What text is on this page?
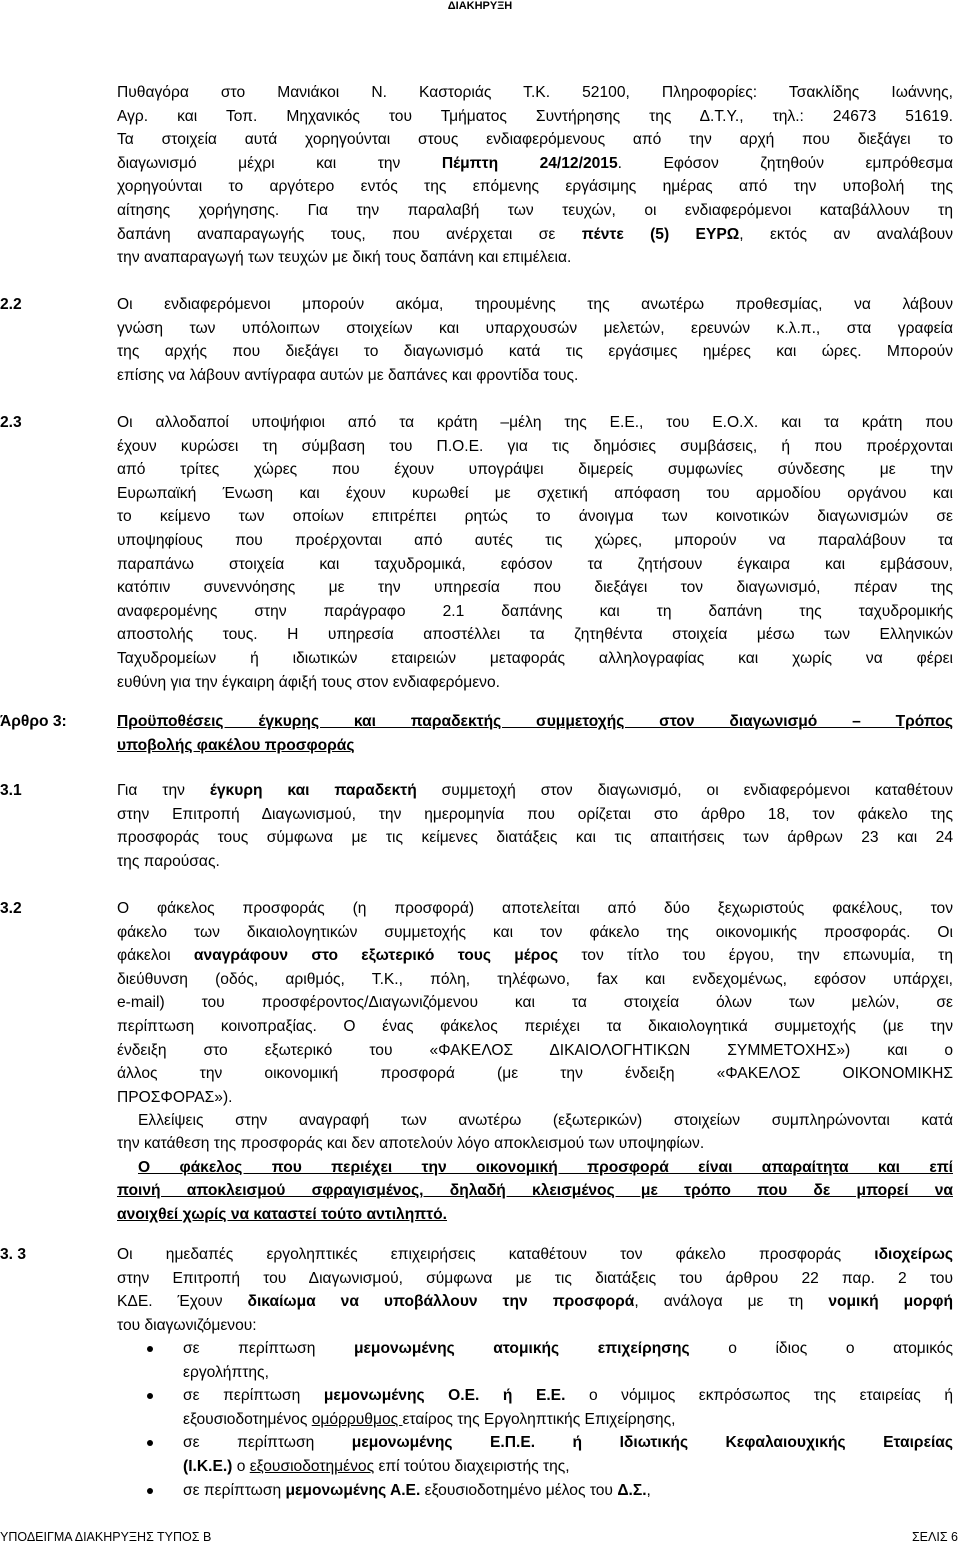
ΔΙΑΚΗΡΥΞΗ
Πυθαγόρα στο Μανιάκοι Ν. Καστοριάς Τ.Κ. 52100, Πληροφορίες: Τσακλίδης Ιωάννης,
Αγρ. και Τοπ. Μηχανικός του Τμήματος Συντήρησης της Δ.Τ.Υ., τηλ.: 24673 51619.
Τα στοιχεία αυτά χορηγούνται στους ενδιαφερόμενους από την αρχή που διεξάγει το
διαγωνισμό μέχρι και την Πέμπτη 24/12/2015. Εφόσον ζητηθούν εμπρόθεσμα
χορηγούνται το αργότερο εντός της επόμενης εργάσιμης ημέρας από την υποβολή της
αίτησης χορήγησης. Για την παραλαβή των τευχών, οι ενδιαφερόμενοι καταβάλλουν τη
δαπάνη αναπαραγωγής τους, που ανέρχεται σε πέντε (5) ΕΥΡΩ, εκτός αν αναλάβουν
την αναπαραγωγή των τευχών με δική τους δαπάνη και επιμέλεια.
2.2	Οι ενδιαφερόμενοι μπορούν ακόμα, τηρουμένης της ανωτέρω προθεσμίας, να λάβουν
γνώση των υπόλοιπων στοιχείων και υπαρχουσών μελετών, ερευνών κ.λ.π., στα γραφεία
της αρχής που διεξάγει το διαγωνισμό κατά τις εργάσιμες ημέρες και ώρες. Μπορούν
επίσης να λάβουν αντίγραφα αυτών με δαπάνες και φροντίδα τους.
2.3	Οι αλλοδαποί υποψήφιοι από τα κράτη –μέλη της Ε.Ε., του Ε.Ο.Χ. και τα κράτη που
έχουν κυρώσει τη σύμβαση του Π.Ο.Ε. για τις δημόσιες συμβάσεις, ή που προέρχονται
από τρίτες χώρες που έχουν υπογράψει διμερείς συμφωνίες σύνδεσης με την
Ευρωπαϊκή Ένωση και έχουν κυρωθεί με σχετική απόφαση του αρμοδίου οργάνου και
το κείμενο των οποίων επιτρέπει ρητώς το άνοιγμα των κοινοτικών διαγωνισμών σε
υποψηφίους που προέρχονται από αυτές τις χώρες, μπορούν να παραλάβουν τα
παραπάνω στοιχεία και ταχυδρομικά, εφόσον τα ζητήσουν έγκαιρα και εμβάσουν,
κατόπιν συνεννόησης με την υπηρεσία που διεξάγει τον διαγωνισμό, πέραν της
αναφερομένης στην παράγραφο 2.1 δαπάνης και τη δαπάνη της ταχυδρομικής
αποστολής τους. Η υπηρεσία αποστέλλει τα ζητηθέντα στοιχεία μέσω των Ελληνικών
Ταχυδρομείων ή ιδιωτικών εταιρειών μεταφοράς αλληλογραφίας και χωρίς να φέρει
ευθύνη για την έγκαιρη άφιξή τους στον ενδιαφερόμενο.
Άρθρο 3:	Προϋποθέσεις έγκυρης και παραδεκτής συμμετοχής στον διαγωνισμό – Τρόπος
υποβολής φακέλου προσφοράς
3.1	Για την έγκυρη και παραδεκτή συμμετοχή στον διαγωνισμό, οι ενδιαφερόμενοι καταθέτουν
στην Επιτροπή Διαγωνισμού, την ημερομηνία που ορίζεται στο άρθρο 18, τον φάκελο της
προσφοράς τους σύμφωνα με τις κείμενες διατάξεις και τις απαιτήσεις των άρθρων 23 και 24
της παρούσας.
3.2	Ο φάκελος προσφοράς (η προσφορά) αποτελείται από δύο ξεχωριστούς φακέλους, τον
φάκελο των δικαιολογητικών συμμετοχής και τον φάκελο της οικονομικής προσφοράς. Οι
φάκελοι αναγράφουν στο εξωτερικό τους μέρος τον τίτλο του έργου, την επωνυμία, τη
διεύθυνση (οδός, αριθμός, Τ.Κ., πόλη, τηλέφωνο, fax και ενδεχομένως, εφόσον υπάρχει,
e-mail) του προσφέροντος/Διαγωνιζόμενου και τα στοιχεία όλων των μελών, σε
περίπτωση κοινοπραξίας. Ο ένας φάκελος περιέχει τα δικαιολογητικά συμμετοχής (με την
ένδειξη στο εξωτερικό του «ΦΑΚΕΛΟΣ ΔΙΚΑΙΟΛΟΓΗΤΙΚΩΝ ΣΥΜΜΕΤΟΧΗΣ») και ο
άλλος την οικονομική προσφορά (με την ένδειξη «ΦΑΚΕΛΟΣ ΟΙΚΟΝΟΜΙΚΗΣ
ΠΡΟΣΦΟΡΑΣ»).
Ελλείψεις στην αναγραφή των ανωτέρω (εξωτερικών) στοιχείων συμπληρώνονται κατά
την κατάθεση της προσφοράς και δεν αποτελούν λόγο αποκλεισμού των υποψηφίων.
Ο φάκελος που περιέχει την οικονομική προσφορά είναι απαραίτητα και επί
ποινή αποκλεισμού σφραγισμένος, δηλαδή κλεισμένος με τρόπο που δε μπορεί να
ανοιχθεί χωρίς να καταστεί τούτο αντιληπτό.
3. 3	Οι ημεδαπές εργοληπτικές επιχειρήσεις καταθέτουν τον φάκελο προσφοράς ιδιοχείρως
στην Επιτροπή του Διαγωνισμού, σύμφωνα με τις διατάξεις του άρθρου 22 παρ. 2 του
ΚΔΕ. Έχουν δικαίωμα να υποβάλλουν την προσφορά, ανάλογα με τη νομική μορφή
του διαγωνιζόμενου:
σε περίπτωση μεμονωμένης ατομικής επιχείρησης ο ίδιος ο ατομικός
εργολήπτης,
σε περίπτωση μεμονωμένης Ο.Ε. ή Ε.Ε. ο νόμιμος εκπρόσωπος της εταιρείας ή
εξουσιοδοτημένος ομόρρυθμος εταίρος της Εργοληπτικής Επιχείρησης,
σε περίπτωση μεμονωμένης Ε.Π.Ε. ή Ιδιωτικής Κεφαλαιουχικής Εταιρείας
(Ι.Κ.Ε.) ο εξουσιοδοτημένος επί τούτου διαχειριστής της,
σε περίπτωση μεμονωμένης Α.Ε. εξουσιοδοτημένο μέλος του Δ.Σ.,
ΥΠΟΔΕΙΓΜΑ ΔΙΑΚΗΡΥΞΗΣ ΤΥΠΟΣ Β	ΣΕΛΙΣ 6
